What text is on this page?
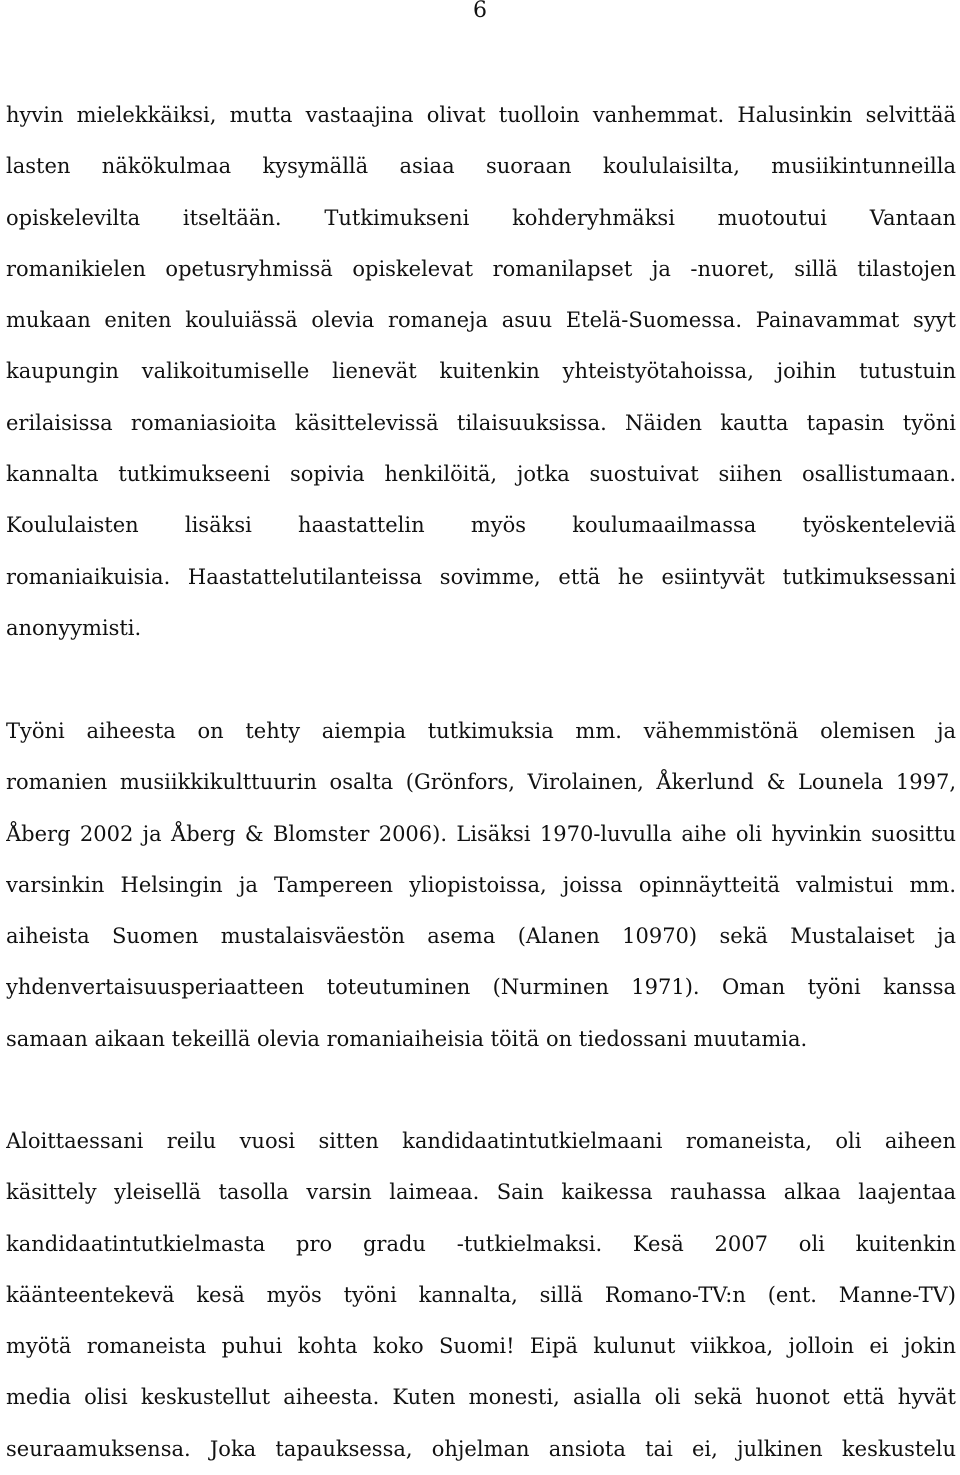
6
hyvin mielekkäiksi, mutta vastaajina olivat tuolloin vanhemmat. Halusinkin selvittää
lasten näkökulmaa kysymällä asiaa suoraan koululaisilta, musiikintunneilla
opiskelevilta itseltään. Tutkimukseni kohderyhmäksi muotoutui Vantaan
romanikielen opetusryhmissä opiskelevat romanilapset ja -nuoret, sillä tilastojen
mukaan eniten kouluiässä olevia romaneja asuu Etelä-Suomessa. Painavammat syyt
kaupungin valikoitumiselle lienevät kuitenkin yhteistyötahoissa, joihin tutustuin
erilaisissa romaniasioita käsittelevissä tilaisuuksissa. Näiden kautta tapasin työni
kannalta tutkimukseeni sopivia henkilöitä, jotka suostuivat siihen osallistumaan.
Koululaisten lisäksi haastattelin myös koulumaailmassa työskenteleviä
romaniaikuisia. Haastattelutilanteissa sovimme, että he esiintyvät tutkimuksessani
anonyymisti.
Työni aiheesta on tehty aiempia tutkimuksia mm. vähemmistönä olemisen ja
romanien musiikkikulttuurin osalta (Grönfors, Virolainen, Åkerlund & Lounela 1997,
Åberg 2002 ja Åberg & Blomster 2006). Lisäksi 1970-luvulla aihe oli hyvinkin suosittu
varsinkin Helsingin ja Tampereen yliopistoissa, joissa opinnäytteitä valmistui mm.
aiheista Suomen mustalaisväestön asema (Alanen 10970) sekä Mustalaiset ja
yhdenvertaisuusperiaatteen toteutuminen (Nurminen 1971). Oman työni kanssa
samaan aikaan tekeillä olevia romaniaiheisia töitä on tiedossani muutamia.
Aloittaessani reilu vuosi sitten kandidaatintutkielmaani romaneista, oli aiheen
käsittely yleisellä tasolla varsin laimeaa. Sain kaikessa rauhassa alkaa laajentaa
kandidaatintutkielmasta pro gradu -tutkielmaksi. Kesä 2007 oli kuitenkin
käänteentekevä kesä myös työni kannalta, sillä Romano-TV:n (ent. Manne-TV)
myötä romaneista puhui kohta koko Suomi! Eipä kulunut viikkoa, jolloin ei jokin
media olisi keskustellut aiheesta. Kuten monesti, asialla oli sekä huonot että hyvät
seuraamuksensa. Joka tapauksessa, ohjelman ansiota tai ei, julkinen keskustelu
